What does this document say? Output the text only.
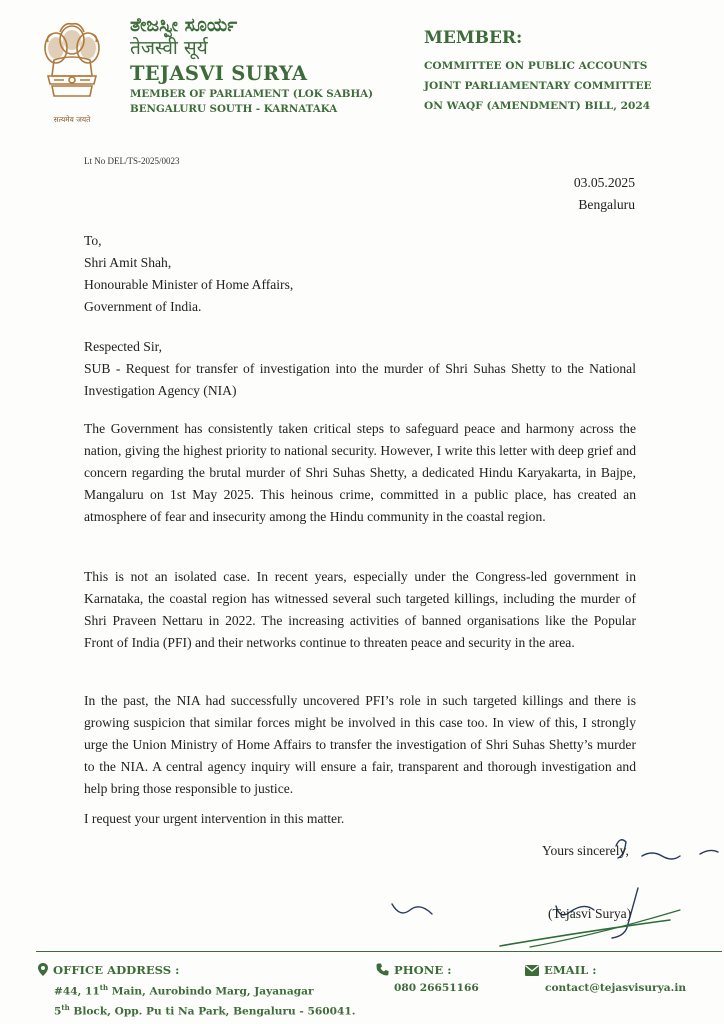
सत्यमेव जयते
ತೇಜಸ್ವೀ ಸೂರ್ಯ
तेजस्वी सूर्य
TEJASVI SURYA
MEMBER OF PARLIAMENT (LOK SABHA)
BENGALURU SOUTH - KARNATAKA
MEMBER:
COMMITTEE ON PUBLIC ACCOUNTS
JOINT PARLIAMENTARY COMMITTEE
ON WAQF (AMENDMENT) BILL, 2024
Lt No DEL/TS-2025/0023
03.05.2025
Bengaluru
To,
Shri Amit Shah,
Honourable Minister of Home Affairs,
Government of India.
Respected Sir,
SUB - Request for transfer of investigation into the murder of Shri Suhas Shetty to the National Investigation Agency (NIA)
The Government has consistently taken critical steps to safeguard peace and harmony across the nation, giving the highest priority to national security. However, I write this letter with deep grief and concern regarding the brutal murder of Shri Suhas Shetty, a dedicated Hindu Karyakarta, in Bajpe, Mangaluru on 1st May 2025. This heinous crime, committed in a public place, has created an atmosphere of fear and insecurity among the Hindu community in the coastal region.
This is not an isolated case. In recent years, especially under the Congress-led government in Karnataka, the coastal region has witnessed several such targeted killings, including the murder of Shri Praveen Nettaru in 2022. The increasing activities of banned organisations like the Popular Front of India (PFI) and their networks continue to threaten peace and security in the area.
In the past, the NIA had successfully uncovered PFI’s role in such targeted killings and there is growing suspicion that similar forces might be involved in this case too. In view of this, I strongly urge the Union Ministry of Home Affairs to transfer the investigation of Shri Suhas Shetty’s murder to the NIA. A central agency inquiry will ensure a fair, transparent and thorough investigation and help bring those responsible to justice.
I request your urgent intervention in this matter.
Yours sincerely,
(Tejasvi Surya)
OFFICE ADDRESS :
#44, 11th Main, Aurobindo Marg, Jayanagar
5th Block, Opp. Pu ti Na Park, Bengaluru - 560041.
PHONE :
080 26651166
EMAIL :
contact@tejasvisurya.in
